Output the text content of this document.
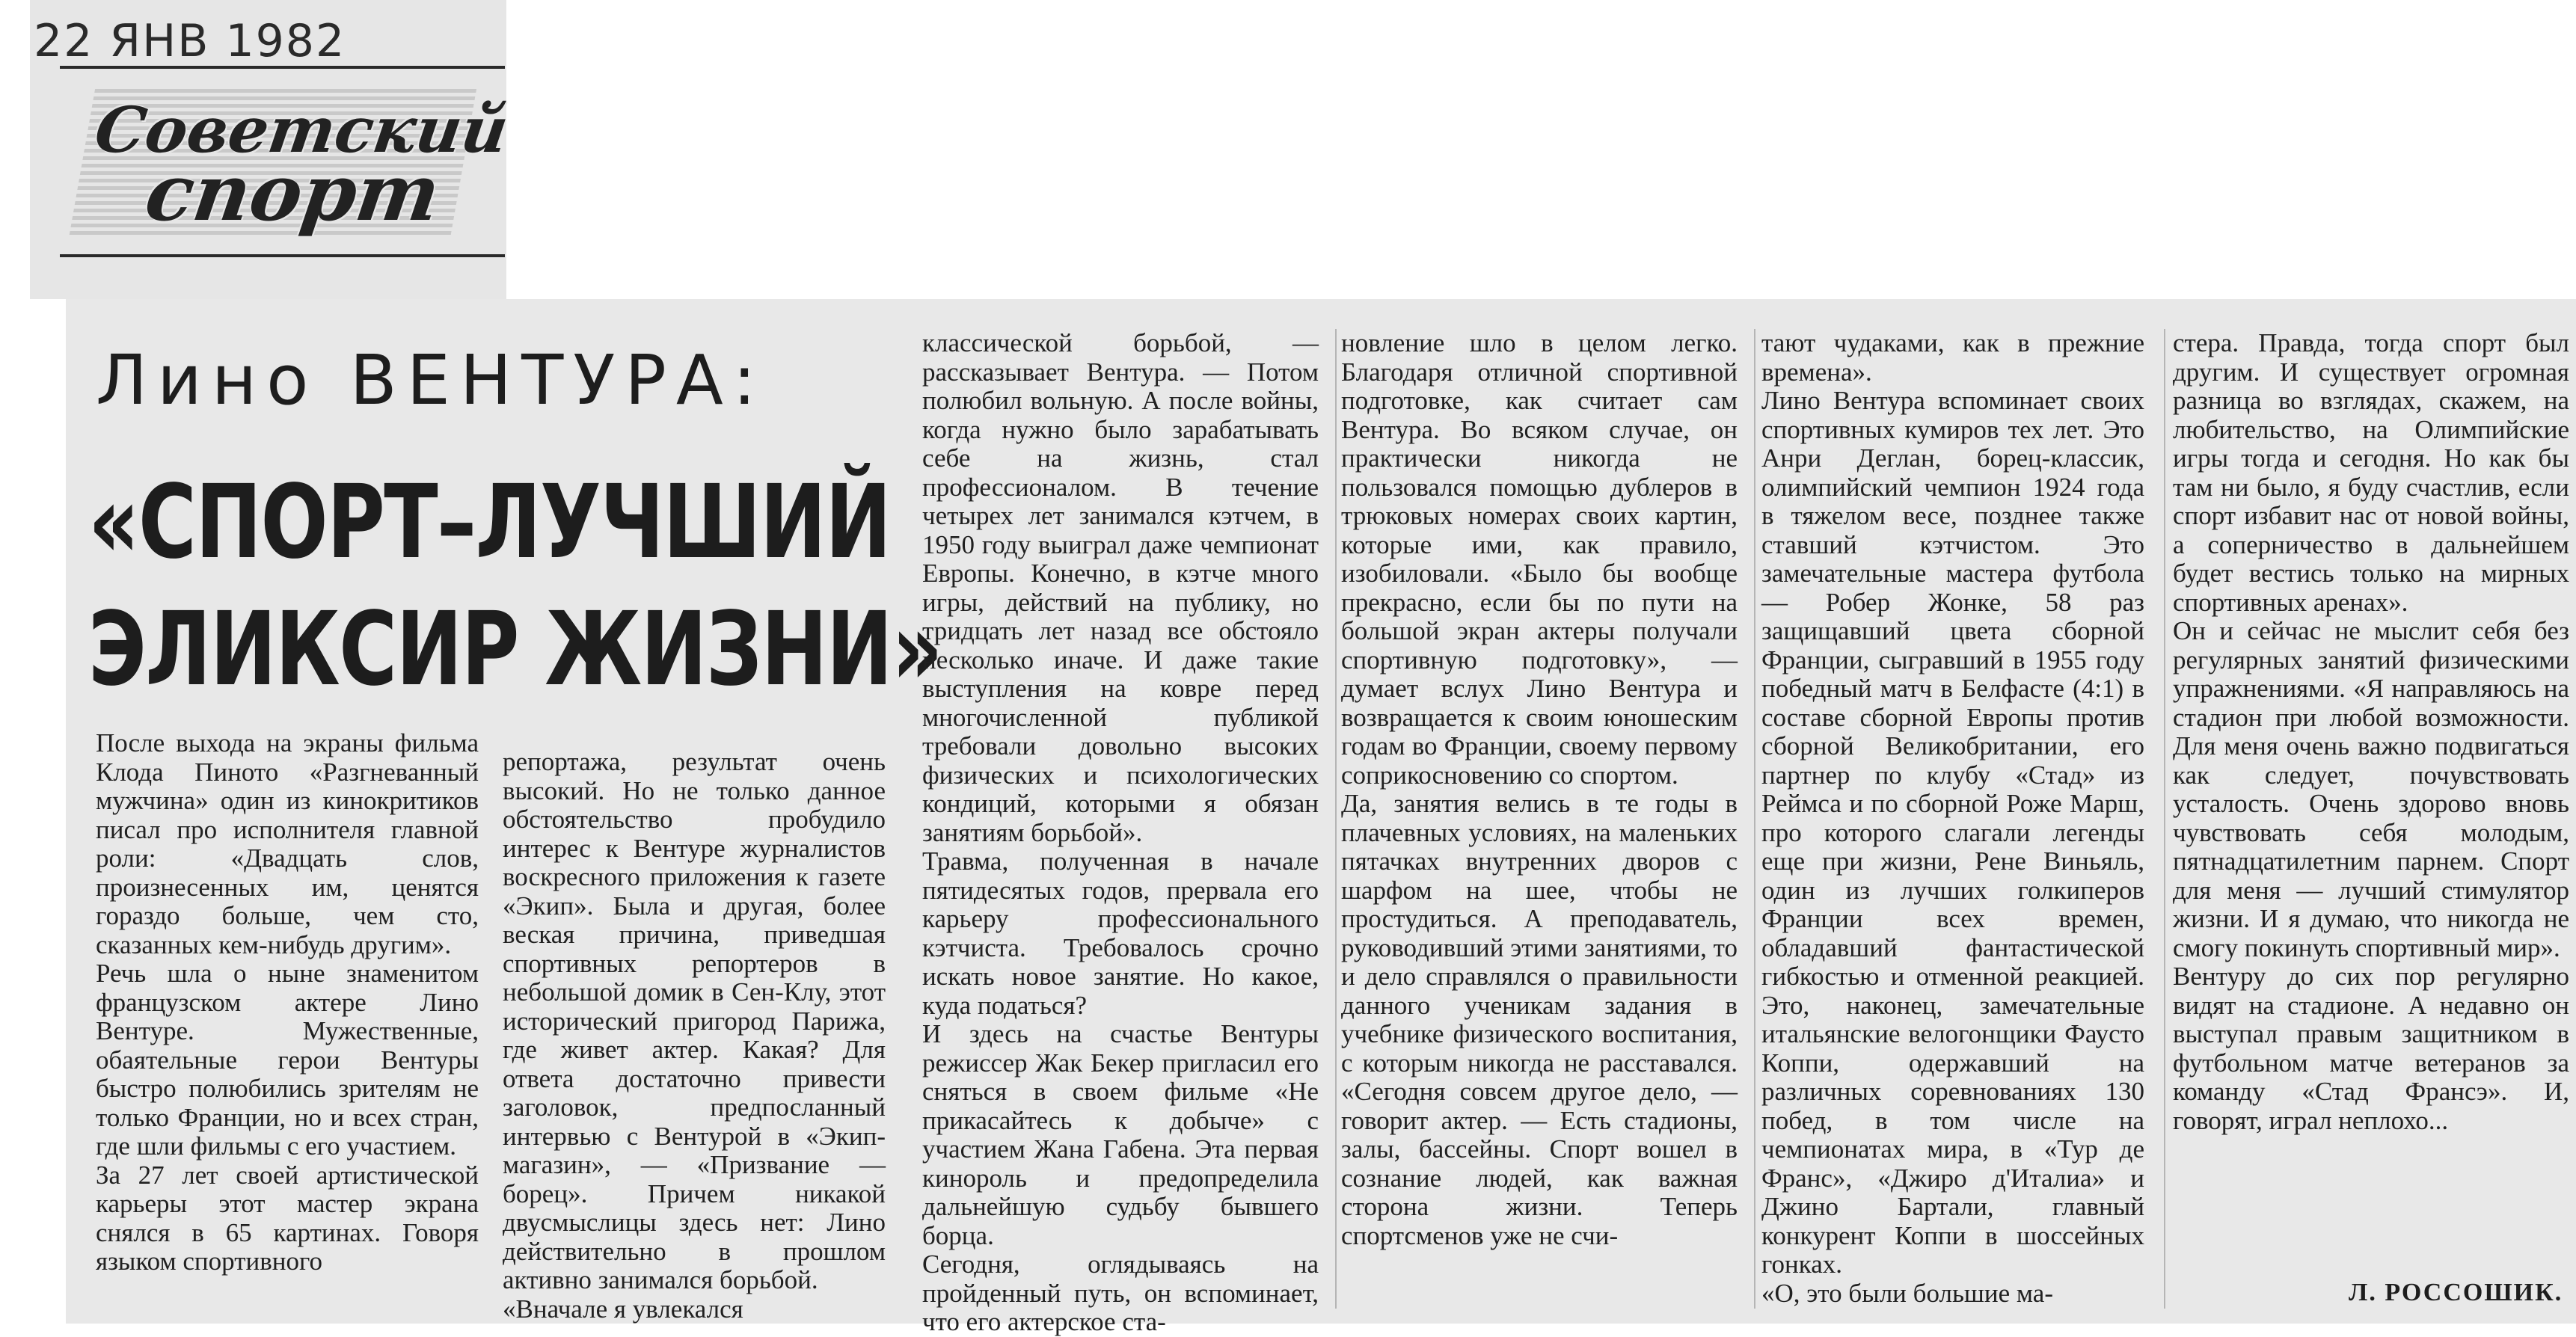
22 ЯНВ 1982

Советский

спорт

Лино ВЕНТУРА:

«СПОРТ–ЛУЧШИЙ

ЭЛИКСИР ЖИЗНИ»

После выхода на экраны фильма Клода Пиното «Разгневанный мужчина» один из кинокритиков писал про исполнителя главной роли: «Двадцать слов, произнесенных им, ценятся гораздо больше, чем сто, сказанных кем-нибудь другим».
Речь шла о ныне знаменитом французском актере Лино Вентуре. Мужественные, обаятельные герои Вентуры быстро полюбились зрителям не только Франции, но и всех стран, где шли фильмы с его участием.
За 27 лет своей артистической карьеры этот мастер экрана снялся в 65 картинах. Говоря языком спортивного

репортажа, результат очень высокий. Но не только данное обстоятельство пробудило интерес к Вентуре журналистов воскресного приложения к газете «Экип». Была и другая, более веская причина, приведшая спортивных репортеров в небольшой домик в Сен-Клу, этот исторический пригород Парижа, где живет актер. Какая? Для ответа достаточно привести заголовок, предпосланный интервью с Вентурой в «Экип-магазин», — «Призвание — борец». Причем никакой двусмыслицы здесь нет: Лино действительно в прошлом активно занимался борьбой.
«Вначале я увлекался

классической борьбой, — рассказывает Вентура. — Потом полюбил вольную. А после войны, когда нужно было зарабатывать себе на жизнь, стал профессионалом. В течение четырех лет занимался кэтчем, в 1950 году выиграл даже чемпионат Европы. Конечно, в кэтче много игры, действий на публику, но тридцать лет назад все обстояло несколько иначе. И даже такие выступления на ковре перед многочисленной публикой требовали довольно высоких физических и психологических кондиций, которыми я обязан занятиям борьбой».
Травма, полученная в начале пятидесятых годов, прервала его карьеру профессионального кэтчиста. Требовалось срочно искать новое занятие. Но какое, куда податься?
И здесь на счастье Вентуры режиссер Жак Бекер пригласил его сняться в своем фильме «Не прикасайтесь к добыче» с участием Жана Габена. Эта первая кинороль и предопределила дальнейшую судьбу бывшего борца.
Сегодня, оглядываясь на пройденный путь, он вспоминает, что его актерское ста-

новление шло в целом легко. Благодаря отличной спортивной подготовке, как считает сам Вентура. Во всяком случае, он практически никогда не пользовался помощью дублеров в трюковых номерах своих картин, которые ими, как правило, изобиловали. «Было бы вообще прекрасно, если бы по пути на большой экран актеры получали спортивную подготовку», — думает вслух Лино Вентура и возвращается к своим юношеским годам во Франции, своему первому соприкосновению со спортом.
Да, занятия велись в те годы в плачевных условиях, на маленьких пятачках внутренних дворов с шарфом на шее, чтобы не простудиться. А преподаватель, руководивший этими занятиями, то и дело справлялся о правильности данного ученикам задания в учебнике физического воспитания, с которым никогда не расставался. «Сегодня совсем другое дело, — говорит актер. — Есть стадионы, залы, бассейны. Спорт вошел в сознание людей, как важная сторона жизни. Теперь спортсменов уже не счи-

тают чудаками, как в прежние времена».
Лино Вентура вспоминает своих спортивных кумиров тех лет. Это Анри Деглан, борец-классик, олимпийский чемпион 1924 года в тяжелом весе, позднее также ставший кэтчистом. Это замечательные мастера футбола — Робер Жонке, 58 раз защищавший цвета сборной Франции, сыгравший в 1955 году победный матч в Белфасте (4:1) в составе сборной Европы против сборной Великобритании, его партнер по клубу «Стад» из Реймса и по сборной Роже Марш, про которого слагали легенды еще при жизни, Рене Виньяль, один из лучших голкиперов Франции всех времен, обладавший фантастической гибкостью и отменной реакцией. Это, наконец, замечательные итальянские велогонщики Фаусто Коппи, одержавший на различных соревнованиях 130 побед, в том числе на чемпионатах мира, в «Тур де Франс», «Джиро д'Италиа» и Джино Бартали, главный конкурент Коппи в шоссейных гонках.
«О, это были большие ма-

стера. Правда, тогда спорт был другим. И существует огромная разница во взглядах, скажем, на любительство, на Олимпийские игры тогда и сегодня. Но как бы там ни было, я буду счастлив, если спорт избавит нас от новой войны, а соперничество в дальнейшем будет вестись только на мирных спортивных аренах».
Он и сейчас не мыслит себя без регулярных занятий физическими упражнениями. «Я направляюсь на стадион при любой возможности. Для меня очень важно подвигаться как следует, почувствовать усталость. Очень здорово вновь чувствовать себя молодым, пятнадцатилетним парнем. Спорт для меня — лучший стимулятор жизни. И я думаю, что никогда не смогу покинуть спортивный мир».
Вентуру до сих пор регулярно видят на стадионе. А недавно он выступал правым защитником в футбольном матче ветеранов за команду «Стад Франсэ». И, говорят, играл неплохо...

Л. РОССОШИК.
